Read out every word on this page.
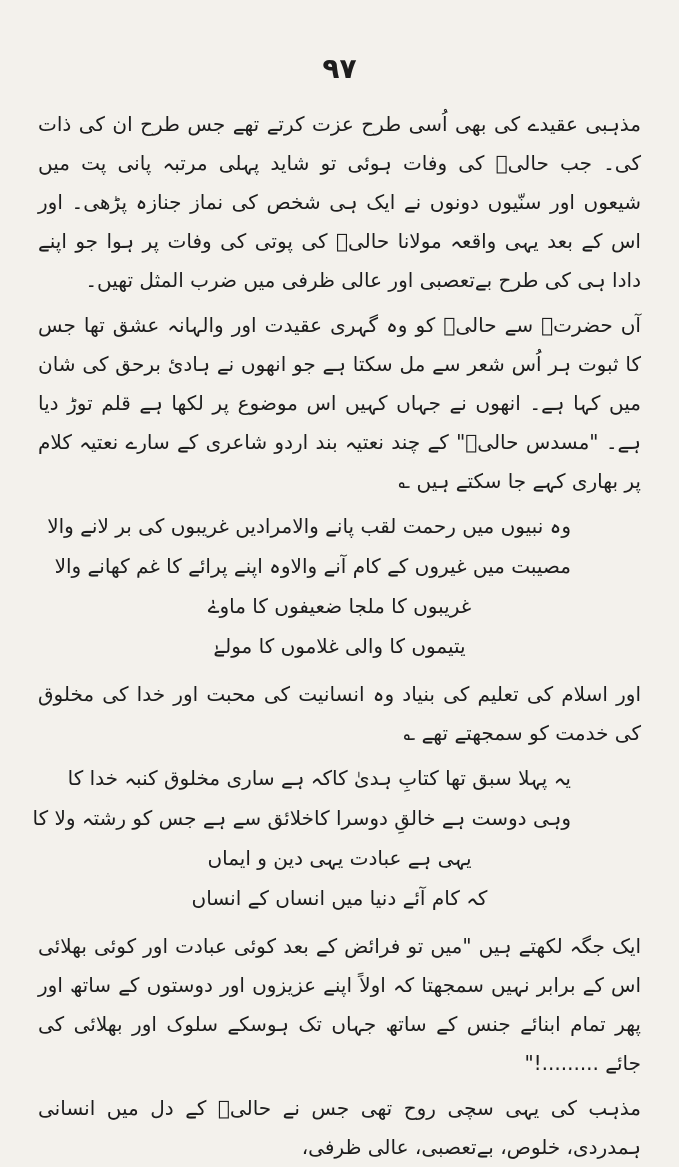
۹۷

مذہبی عقیدے کی بھی اُسی طرح عزت کرتے تھے جس طرح ان کی ذات کی۔ جب حالیؔ کی وفات ہوئی تو شاید پہلی مرتبہ پانی پت میں شیعوں اور سنّیوں دونوں نے ایک ہی شخص کی نماز جنازہ پڑھی۔ اور اس کے بعد یہی واقعہ مولانا حالیؔ کی پوتی کی وفات پر ہوا جو اپنے دادا ہی کی طرح بےتعصبی اور عالی ظرفی میں ضرب المثل تھیں۔

آں حضرتؐ سے حالیؔ کو وہ گہری عقیدت اور والہانہ عشق تھا جس کا ثبوت ہر اُس شعر سے مل سکتا ہے جو انھوں نے ہادیٔ برحق کی شان میں کہا ہے۔ انھوں نے جہاں کہیں اس موضوع پر لکھا ہے قلم توڑ دیا ہے۔ "مسدس حالیؔ" کے چند نعتیہ بند اردو شاعری کے سارے نعتیہ کلام پر بھاری کہے جا سکتے ہیں ؎

وہ نبیوں میں رحمت لقب پانے والا
مرادیں غریبوں کی بر لانے والا
مصیبت میں غیروں کے کام آنے والا
وہ اپنے پرائے کا غم کھانے والا
غریبوں کا ملجا ضعیفوں کا ماوےٰ
یتیموں کا والی غلاموں کا مولےٰ

اور اسلام کی تعلیم کی بنیاد وہ انسانیت کی محبت اور خدا کی مخلوق کی خدمت کو سمجھتے تھے ؎

یہ پہلا سبق تھا کتابِ ہدیٰ کا
کہ ہے ساری مخلوق کنبہ خدا کا
وہی دوست ہے خالقِ دوسرا کا
خلائق سے ہے جس کو رشتہ ولا کا
یہی ہے عبادت یہی دین و ایماں
کہ کام آئے دنیا میں انساں کے انساں

ایک جگہ لکھتے ہیں "میں تو فرائض کے بعد کوئی عبادت اور کوئی بھلائی اس کے برابر نہیں سمجھتا کہ اولاً اپنے عزیزوں اور دوستوں کے ساتھ اور پھر تمام ابنائے جنس کے ساتھ جہاں تک ہوسکے سلوک اور بھلائی کی جائے .........!"

مذہب کی یہی سچی روح تھی جس نے حالیؔ کے دل میں انسانی ہمدردی، خلوص، بےتعصبی، عالی ظرفی،
